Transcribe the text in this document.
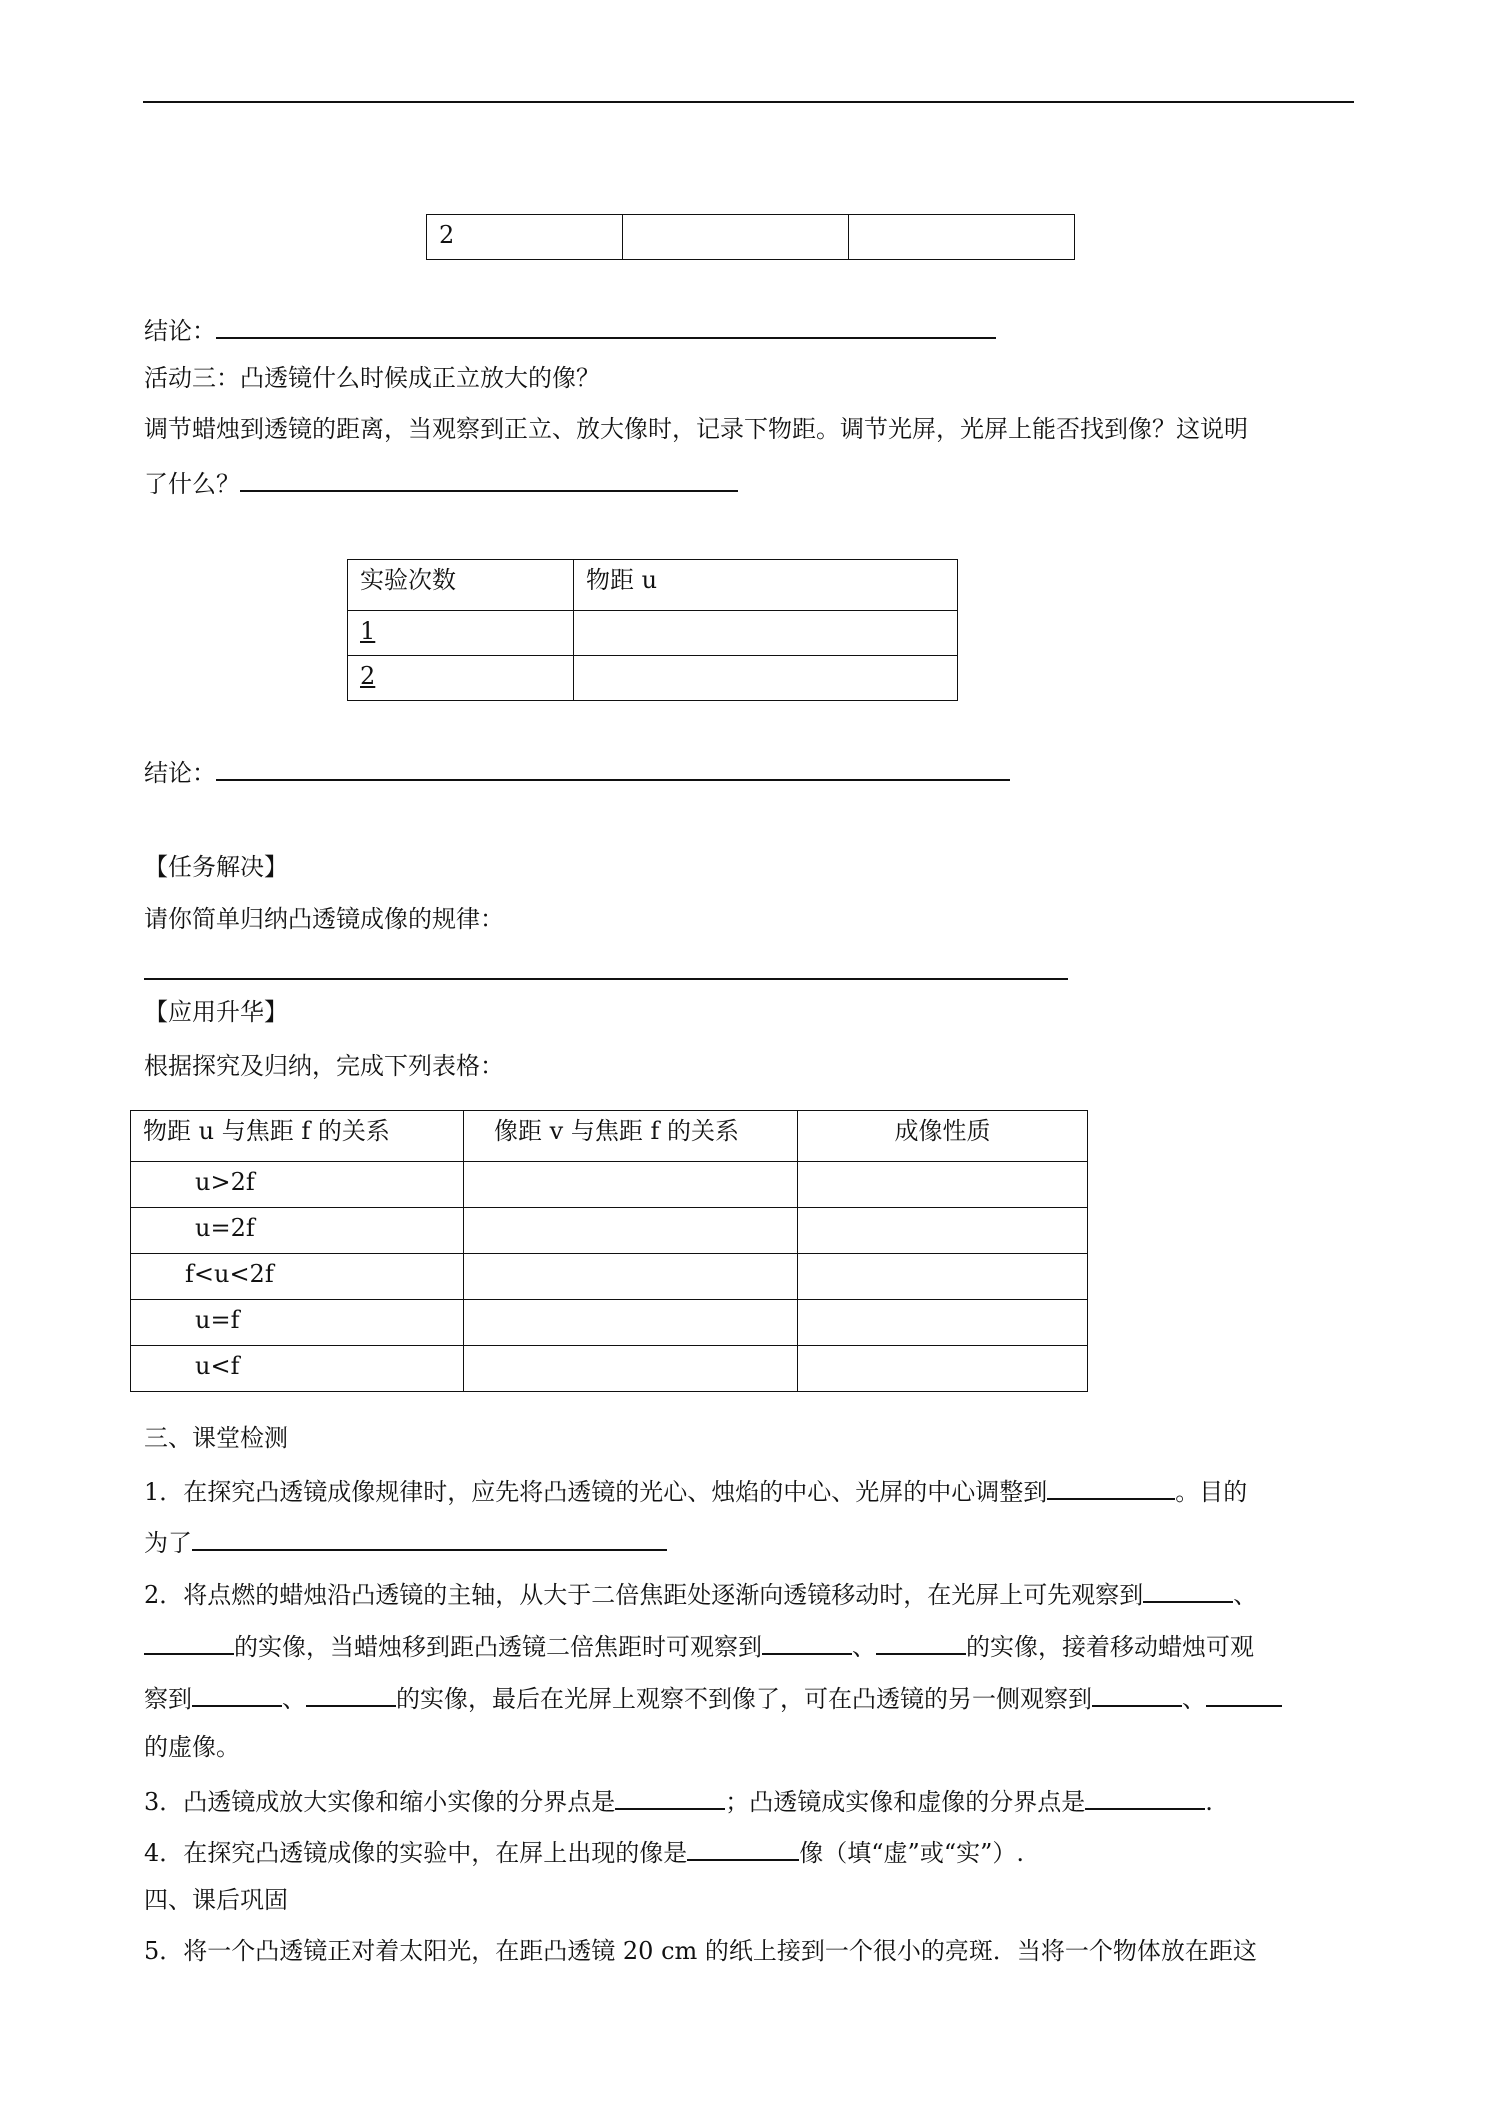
2		
结论：
活动三：凸透镜什么时候成正立放大的像？
调节蜡烛到透镜的距离，当观察到正立、放大像时，记录下物距。调节光屏，光屏上能否找到像？这说明
了什么？
实验次数	物距 u
1	
2	
结论：
【任务解决】
请你简单归纳凸透镜成像的规律：
【应用升华】
根据探究及归纳，完成下列表格：
物距 u 与焦距 f 的关系	像距 v 与焦距 f 的关系	成像性质
u>2f		
u=2f		
f<u<2f		
u=f		
u<f		
三、课堂检测
1．在探究凸透镜成像规律时，应先将凸透镜的光心、烛焰的中心、光屏的中心调整到	。目的
为了
2．将点燃的蜡烛沿凸透镜的主轴，从大于二倍焦距处逐渐向透镜移动时，在光屏上可先观察到	、
的实像，当蜡烛移到距凸透镜二倍焦距时可观察到	、	的实像，接着移动蜡烛可观
察到	、	的实像，最后在光屏上观察不到像了，可在凸透镜的另一侧观察到	、
的虚像。
3．凸透镜成放大实像和缩小实像的分界点是	；凸透镜成实像和虚像的分界点是	.
4．在探究凸透镜成像的实验中，在屏上出现的像是	像（填“虚”或“实”）.
四、课后巩固
5．将一个凸透镜正对着太阳光，在距凸透镜 20 cm 的纸上接到一个很小的亮斑．当将一个物体放在距这
